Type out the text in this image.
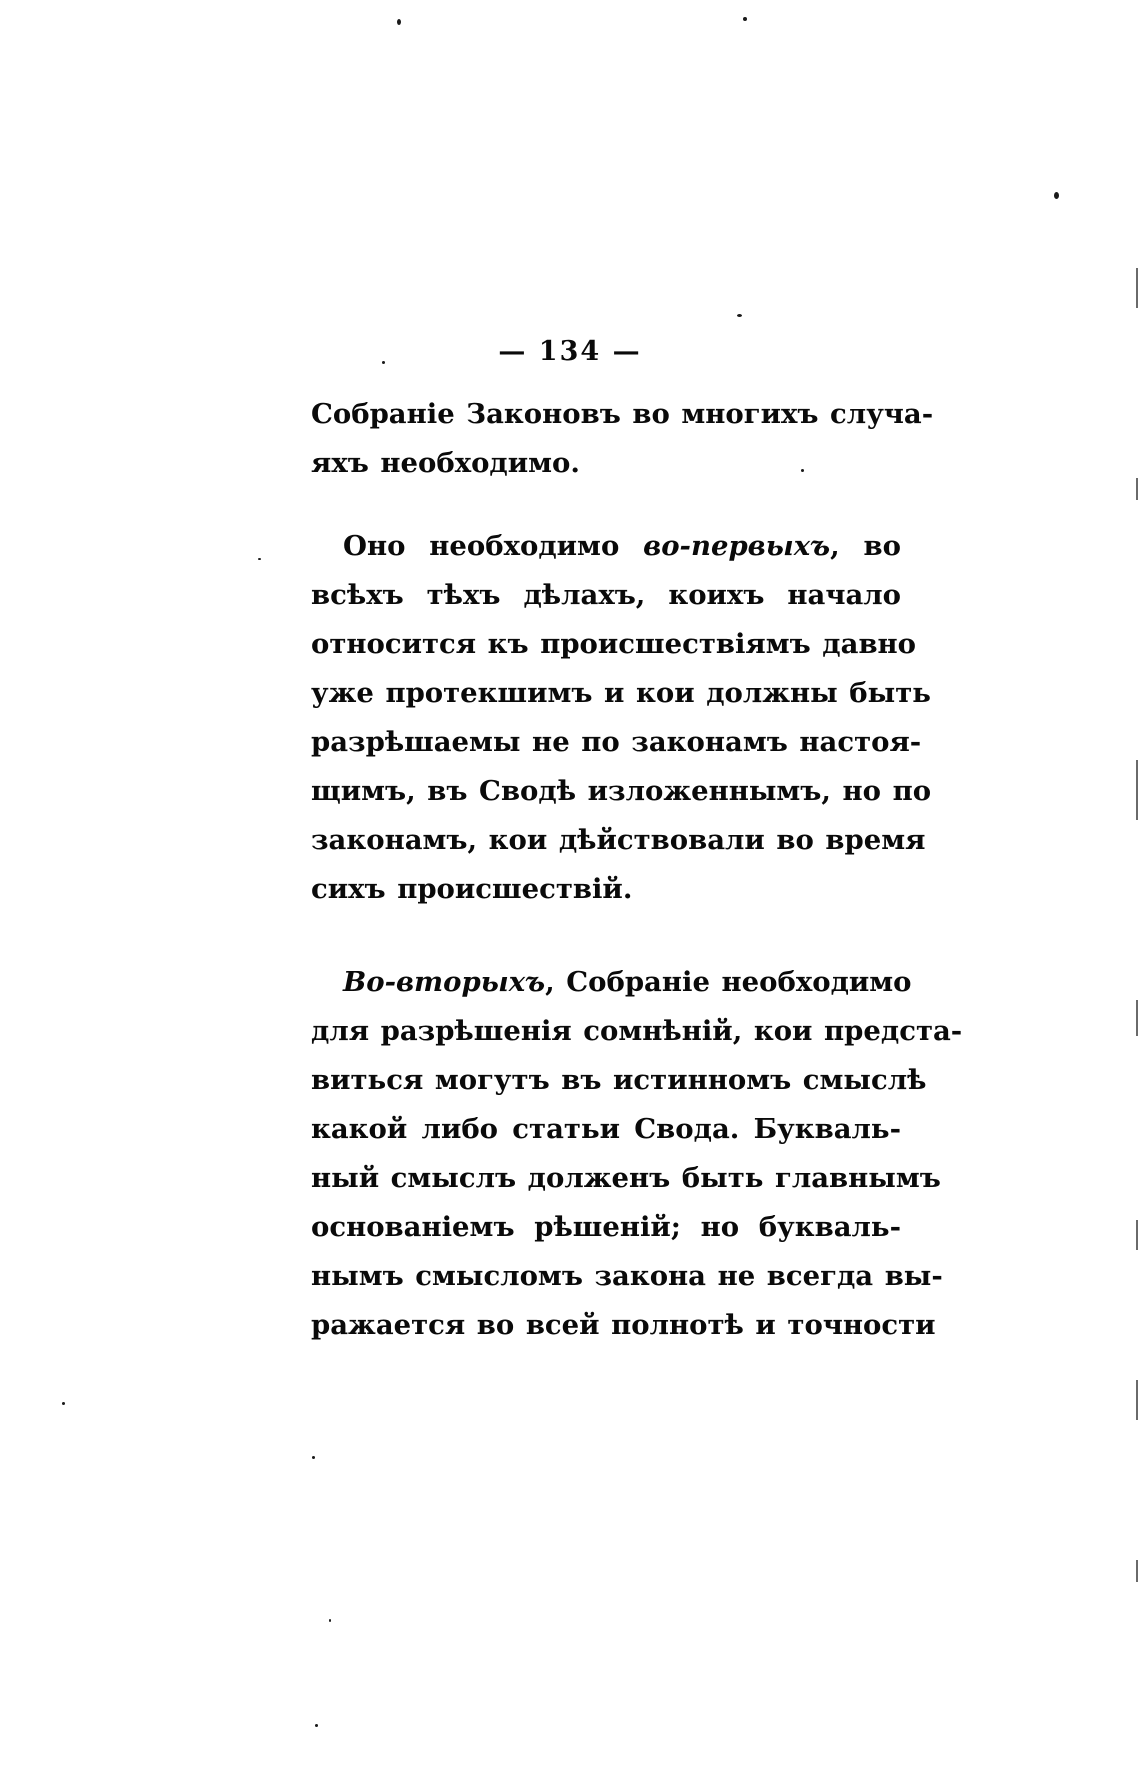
— 134 —

Собраніе Законовъ во многихъ случа-
яхъ необходимо.

Оно необходимо во-первыхъ, во
всѣхъ тѣхъ дѣлахъ, коихъ начало
относится къ происшествіямъ давно
уже протекшимъ и кои должны быть
разрѣшаемы не по законамъ настоя-
щимъ, въ Сводѣ изложеннымъ, но по
законамъ, кои дѣйствовали во время
сихъ происшествій.

Во-вторыхъ, Собраніе необходимо
для разрѣшенія сомнѣній, кои предста-
виться могутъ въ истинномъ смыслѣ
какой либо статьи Свода. Букваль-
ный смыслъ долженъ быть главнымъ
основаніемъ рѣшеній; но букваль-
нымъ смысломъ закона не всегда вы-
ражается во всей полнотѣ и точности
